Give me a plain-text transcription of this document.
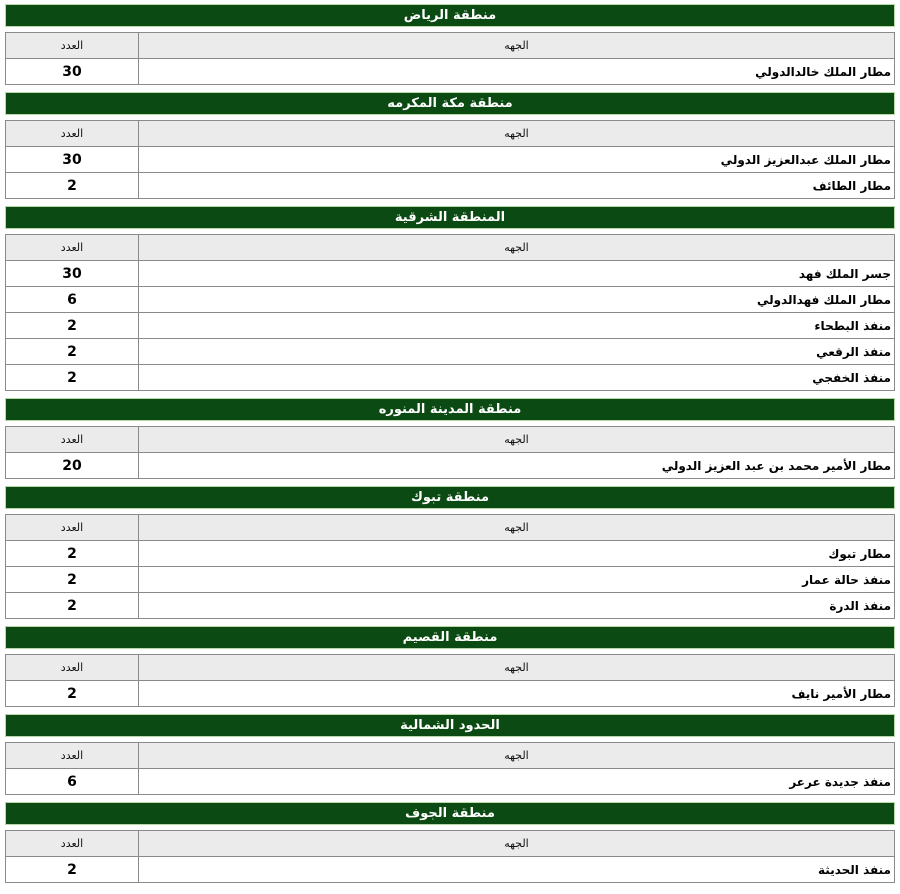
منطقة الرياض
الجهه	العدد
مطار الملك خالدالدولي	30
منطقة مكة المكرمه
الجهه	العدد
مطار الملك عبدالعزيز الدولي	30
مطار الطائف	2
المنطقة الشرقية
الجهه	العدد
جسر الملك فهد	30
مطار الملك فهدالدولي	6
منفذ البطحاء	2
منفذ الرقعي	2
منفذ الخفجي	2
منطقة المدينة المنوره
الجهه	العدد
مطار الأمير محمد بن عبد العزيز الدولي	20
منطقة تبوك
الجهه	العدد
مطار تبوك	2
منفذ حالة عمار	2
منفذ الدرة	2
منطقة القصيم
الجهه	العدد
مطار الأمير نايف	2
الحدود الشمالية
الجهه	العدد
منفذ جديدة عرعر	6
منطقة الجوف
الجهه	العدد
منفذ الحديثة	2
